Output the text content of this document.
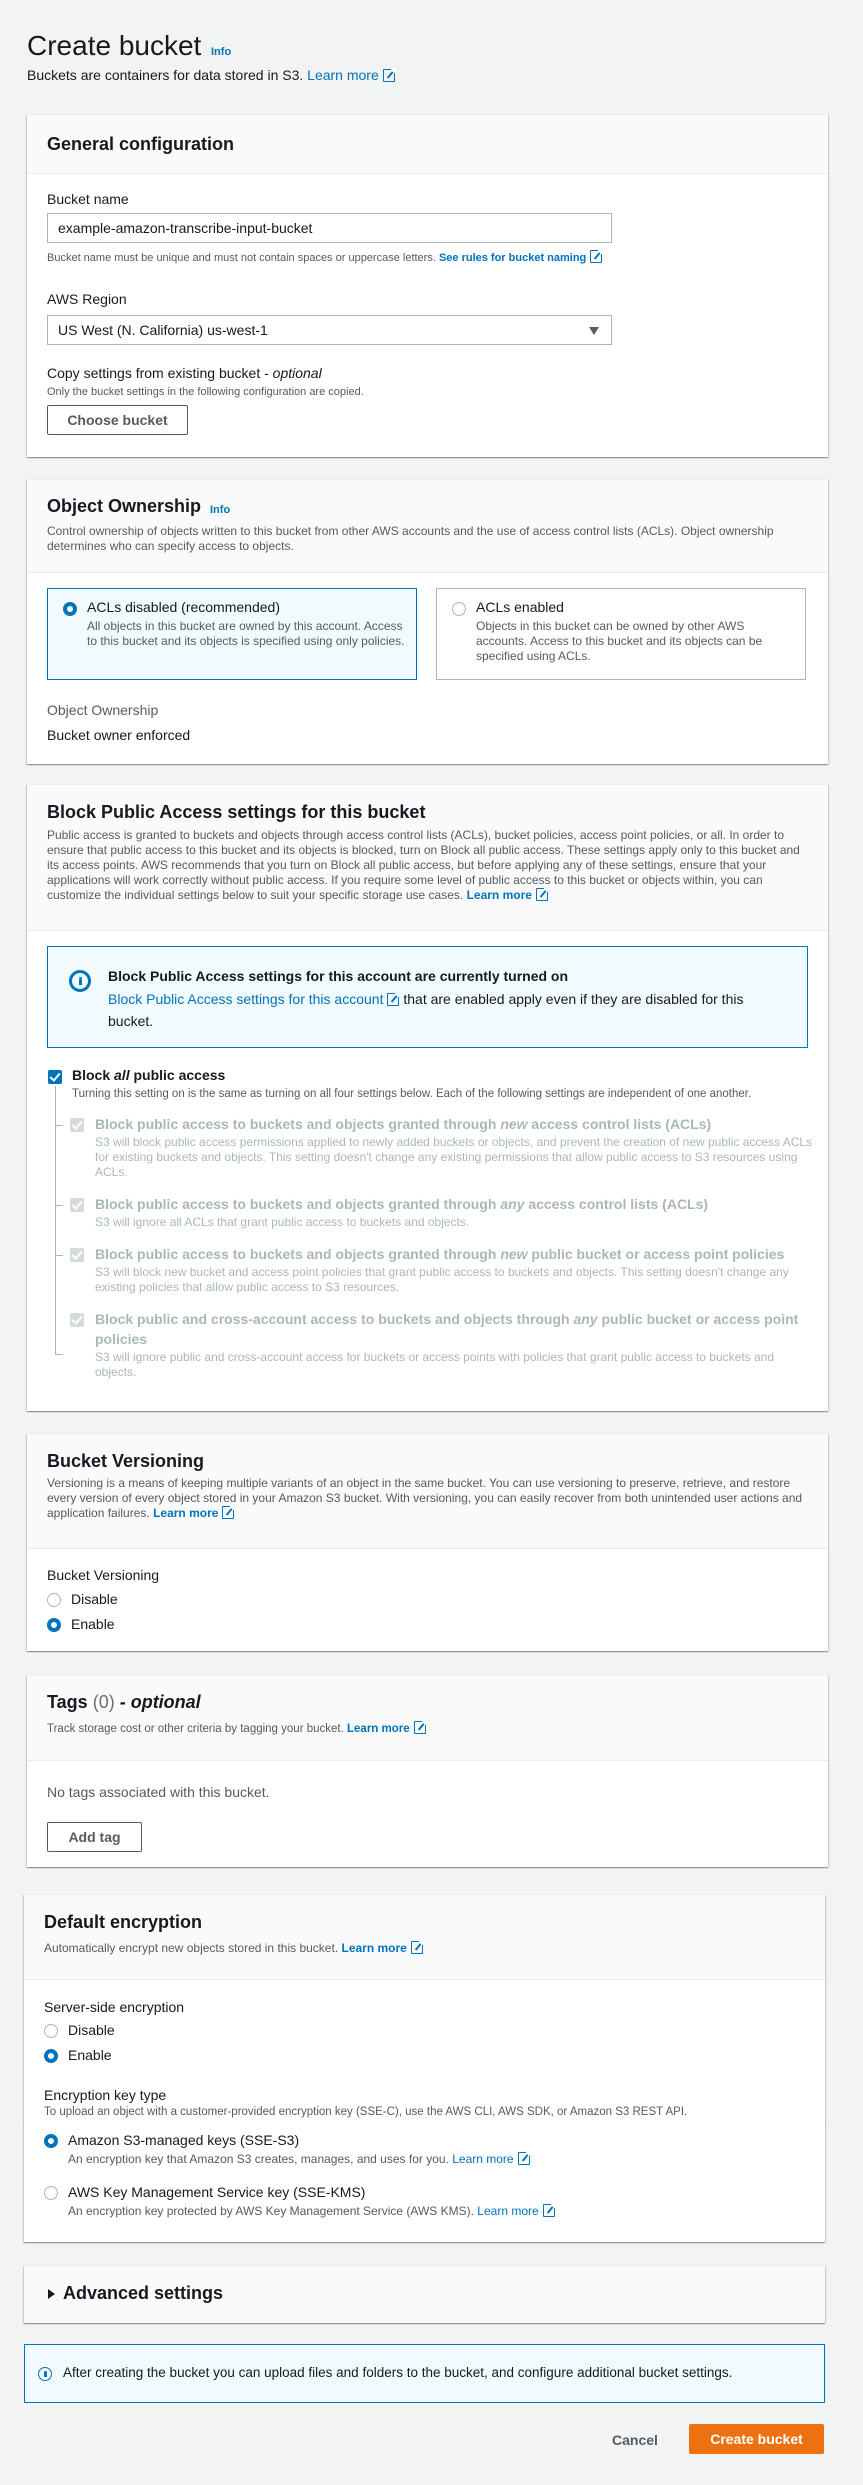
Create bucket Info
Buckets are containers for data stored in S3. Learn more
General configuration
Bucket name
example-amazon-transcribe-input-bucket
Bucket name must be unique and must not contain spaces or uppercase letters. See rules for bucket naming
AWS Region
US West (N. California) us-west-1
Copy settings from existing bucket - optional
Only the bucket settings in the following configuration are copied.
Choose bucket
Object Ownership Info
Control ownership of objects written to this bucket from other AWS accounts and the use of access control lists (ACLs). Object ownership determines who can specify access to objects.
ACLs disabled (recommended)
All objects in this bucket are owned by this account. Access to this bucket and its objects is specified using only policies.
ACLs enabled
Objects in this bucket can be owned by other AWS accounts. Access to this bucket and its objects can be specified using ACLs.
Object Ownership
Bucket owner enforced
Block Public Access settings for this bucket
Public access is granted to buckets and objects through access control lists (ACLs), bucket policies, access point policies, or all. In order to ensure that public access to this bucket and its objects is blocked, turn on Block all public access. These settings apply only to this bucket and its access points. AWS recommends that you turn on Block all public access, but before applying any of these settings, ensure that your applications will work correctly without public access. If you require some level of public access to this bucket or objects within, you can customize the individual settings below to suit your specific storage use cases. Learn more
Block Public Access settings for this account are currently turned on
Block Public Access settings for this account that are enabled apply even if they are disabled for this bucket.
Block all public access
Turning this setting on is the same as turning on all four settings below. Each of the following settings are independent of one another.
Block public access to buckets and objects granted through new access control lists (ACLs)
S3 will block public access permissions applied to newly added buckets or objects, and prevent the creation of new public access ACLs for existing buckets and objects. This setting doesn't change any existing permissions that allow public access to S3 resources using ACLs.
Block public access to buckets and objects granted through any access control lists (ACLs)
S3 will ignore all ACLs that grant public access to buckets and objects.
Block public access to buckets and objects granted through new public bucket or access point policies
S3 will block new bucket and access point policies that grant public access to buckets and objects. This setting doesn't change any existing policies that allow public access to S3 resources.
Block public and cross-account access to buckets and objects through any public bucket or access point policies
S3 will ignore public and cross-account access for buckets or access points with policies that grant public access to buckets and objects.
Bucket Versioning
Versioning is a means of keeping multiple variants of an object in the same bucket. You can use versioning to preserve, retrieve, and restore every version of every object stored in your Amazon S3 bucket. With versioning, you can easily recover from both unintended user actions and application failures. Learn more
Bucket Versioning
Disable
Enable
Tags (0) - optional
Track storage cost or other criteria by tagging your bucket. Learn more
No tags associated with this bucket.
Add tag
Default encryption
Automatically encrypt new objects stored in this bucket. Learn more
Server-side encryption
Disable
Enable
Encryption key type
To upload an object with a customer-provided encryption key (SSE-C), use the AWS CLI, AWS SDK, or Amazon S3 REST API.
Amazon S3-managed keys (SSE-S3)
An encryption key that Amazon S3 creates, manages, and uses for you. Learn more
AWS Key Management Service key (SSE-KMS)
An encryption key protected by AWS Key Management Service (AWS KMS). Learn more
Advanced settings
After creating the bucket you can upload files and folders to the bucket, and configure additional bucket settings.
Cancel	Create bucket
